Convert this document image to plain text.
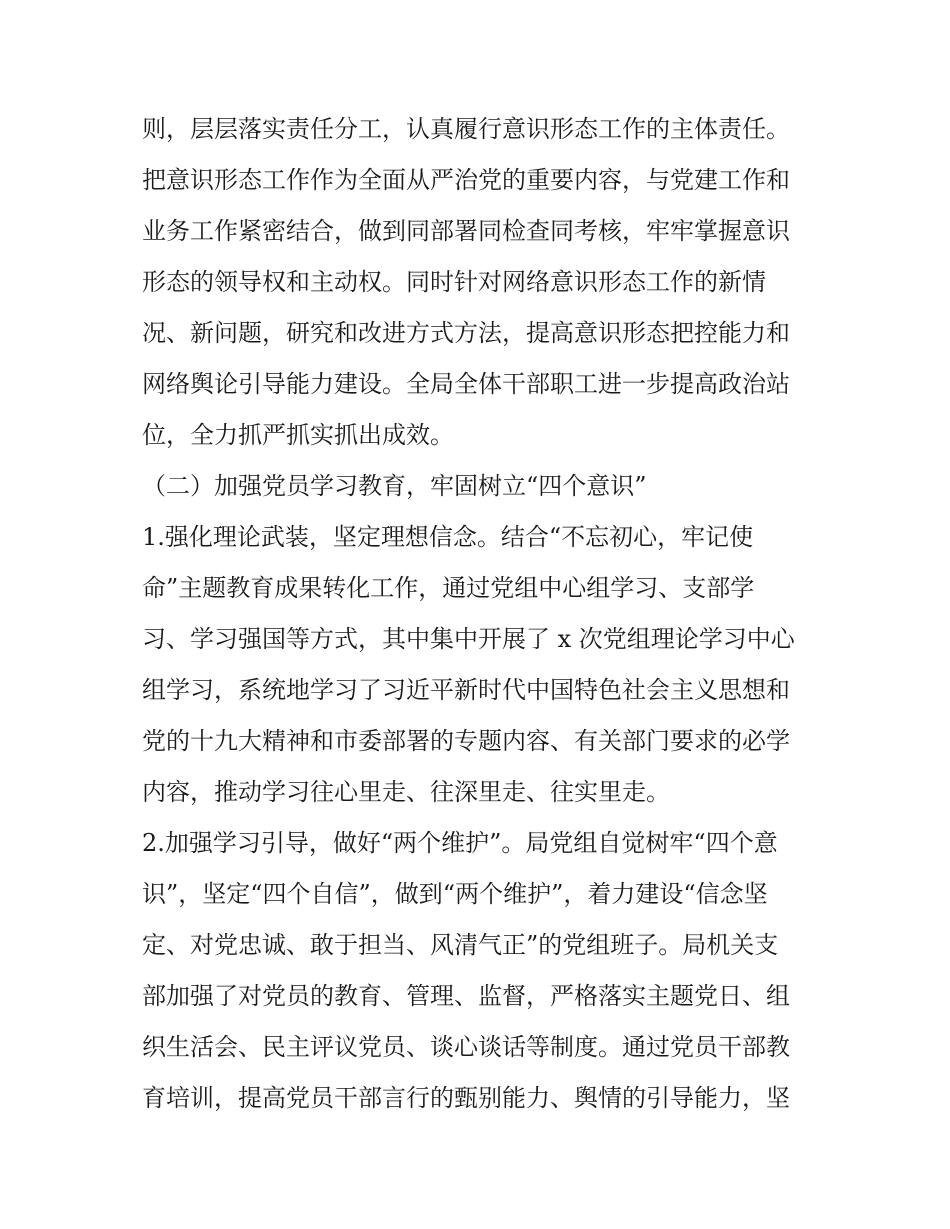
则，层层落实责任分工，认真履行意识形态工作的主体责任。
把意识形态工作作为全面从严治党的重要内容，与党建工作和
业务工作紧密结合，做到同部署同检查同考核，牢牢掌握意识
形态的领导权和主动权。同时针对网络意识形态工作的新情
况、新问题，研究和改进方式方法，提高意识形态把控能力和
网络舆论引导能力建设。全局全体干部职工进一步提高政治站
位，全力抓严抓实抓出成效。
（二）加强党员学习教育，牢固树立“四个意识”
1.强化理论武装，坚定理想信念。结合“不忘初心，牢记使
命”主题教育成果转化工作，通过党组中心组学习、支部学
习、学习强国等方式，其中集中开展了 x 次党组理论学习中心
组学习，系统地学习了习近平新时代中国特色社会主义思想和
党的十九大精神和市委部署的专题内容、有关部门要求的必学
内容，推动学习往心里走、往深里走、往实里走。
2.加强学习引导，做好“两个维护”。局党组自觉树牢“四个意
识”，坚定“四个自信”，做到“两个维护”，着力建设“信念坚
定、对党忠诚、敢于担当、风清气正”的党组班子。局机关支
部加强了对党员的教育、管理、监督，严格落实主题党日、组
织生活会、民主评议党员、谈心谈话等制度。通过党员干部教
育培训，提高党员干部言行的甄别能力、舆情的引导能力，坚
